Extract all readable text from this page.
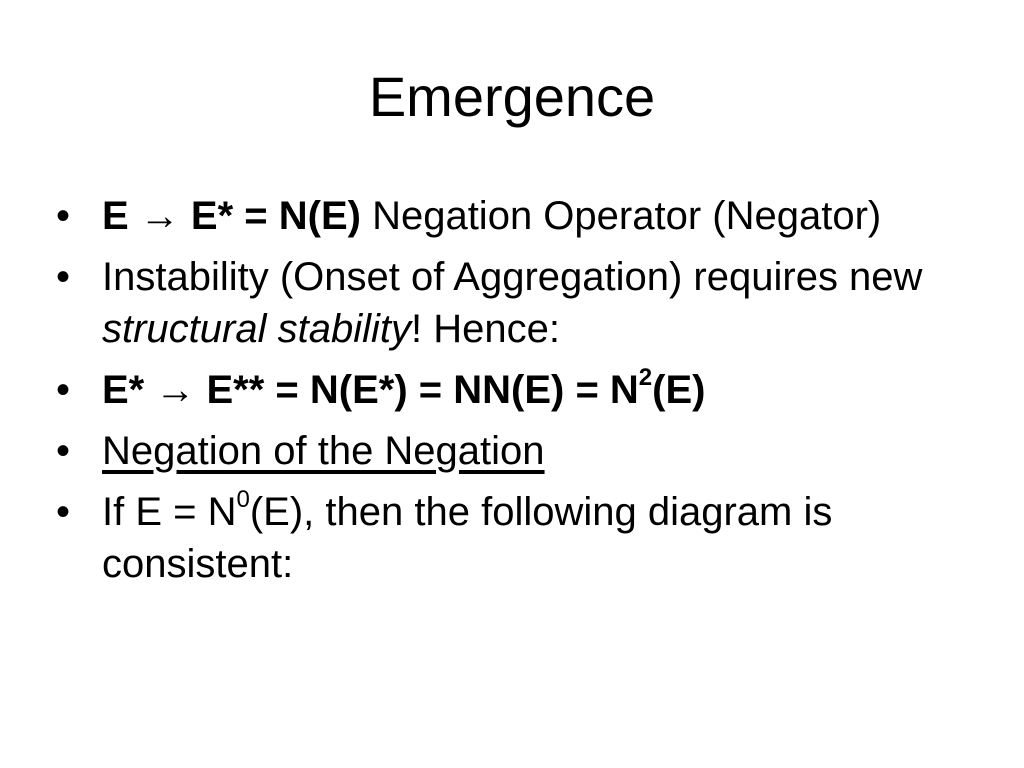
Emergence
• E → E* = N(E) Negation Operator (Negator)
• Instability (Onset of Aggregation) requires new structural stability! Hence:
• $E* \to E** = N(E*) = NN(E) = N^2(E)$
• Negation of the Negation
• If $E = N^0(E)$, then the following diagram is consistent:
